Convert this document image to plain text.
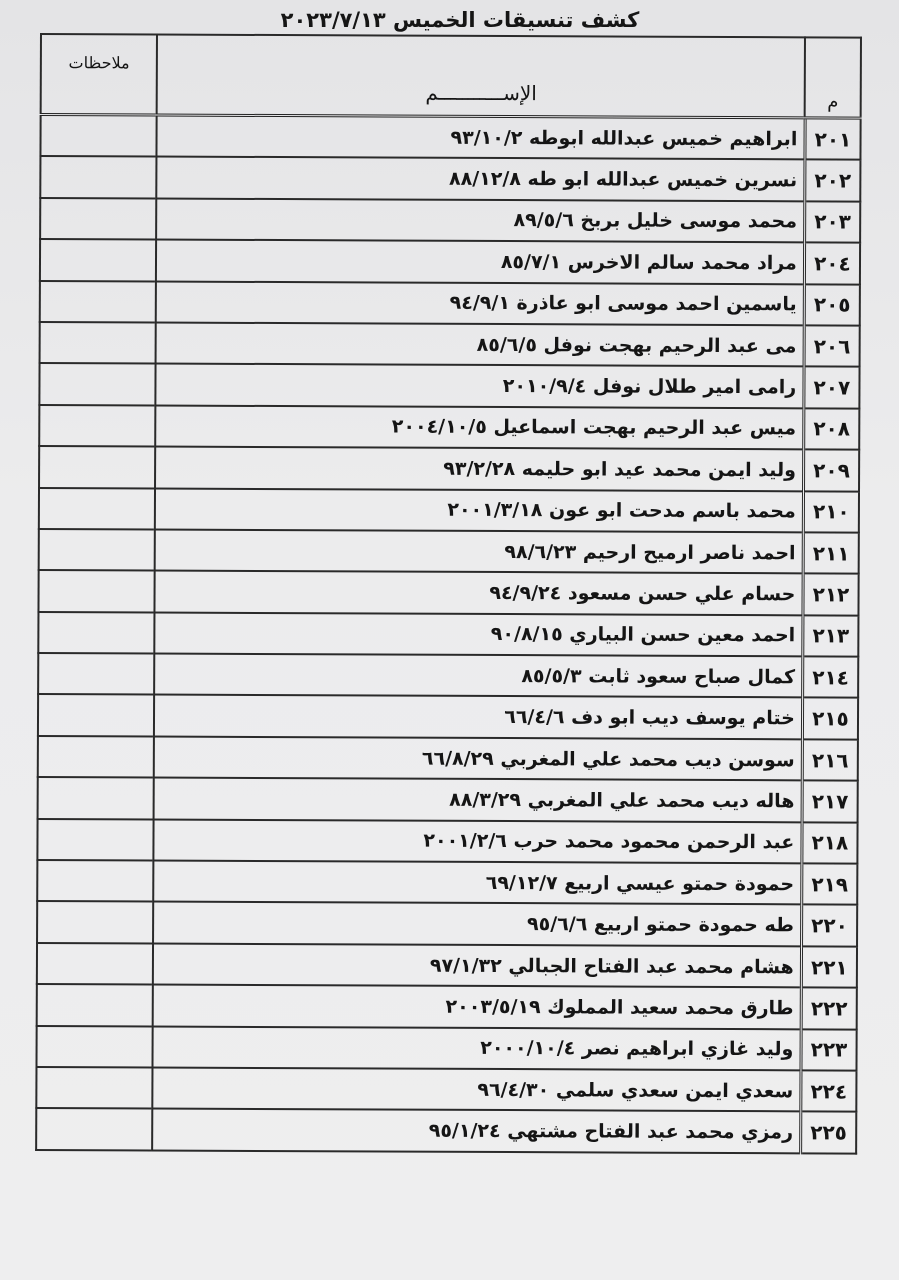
كشف تنسيقات الخميس ٢٠٢٣/٧/١٣
م	الإســـــــــــم	ملاحظات
٢٠١	ابراهيم خميس عبدالله ابوطه ٩٣/١٠/٢	
٢٠٢	نسرين خميس عبدالله ابو طه ٨٨/١٢/٨	
٢٠٣	محمد موسى خليل بربخ ٨٩/٥/٦	
٢٠٤	مراد محمد سالم الاخرس ٨٥/٧/١	
٢٠٥	ياسمين احمد موسى ابو عاذرة ٩٤/٩/١	
٢٠٦	مى عبد الرحيم بهجت نوفل ٨٥/٦/٥	
٢٠٧	رامى امير طلال نوفل ٢٠١٠/٩/٤	
٢٠٨	ميس عبد الرحيم بهجت اسماعيل ٢٠٠٤/١٠/٥	
٢٠٩	وليد ايمن محمد عيد ابو حليمه ٩٣/٢/٢٨	
٢١٠	محمد باسم مدحت ابو عون ٢٠٠١/٣/١٨	
٢١١	احمد ناصر ارميح ارحيم ٩٨/٦/٢٣	
٢١٢	حسام علي حسن مسعود ٩٤/٩/٢٤	
٢١٣	احمد معين حسن البياري ٩٠/٨/١٥	
٢١٤	كمال صباح سعود ثابت ٨٥/٥/٣	
٢١٥	ختام يوسف ديب ابو دف ٦٦/٤/٦	
٢١٦	سوسن ديب محمد علي المغربي ٦٦/٨/٢٩	
٢١٧	هاله ديب محمد علي المغربي ٨٨/٣/٢٩	
٢١٨	عبد الرحمن محمود محمد حرب ٢٠٠١/٢/٦	
٢١٩	حمودة حمتو عيسي اربيع ٦٩/١٢/٧	
٢٢٠	طه حمودة حمتو اربيع ٩٥/٦/٦	
٢٢١	هشام محمد عبد الفتاح الجبالي ٩٧/١/٣٢	
٢٢٢	طارق محمد سعيد المملوك ٢٠٠٣/٥/١٩	
٢٢٣	وليد غازي ابراهيم نصر ٢٠٠٠/١٠/٤	
٢٢٤	سعدي ايمن سعدي سلمي ٩٦/٤/٣٠	
٢٢٥	رمزي محمد عبد الفتاح مشتهي ٩٥/١/٢٤	
